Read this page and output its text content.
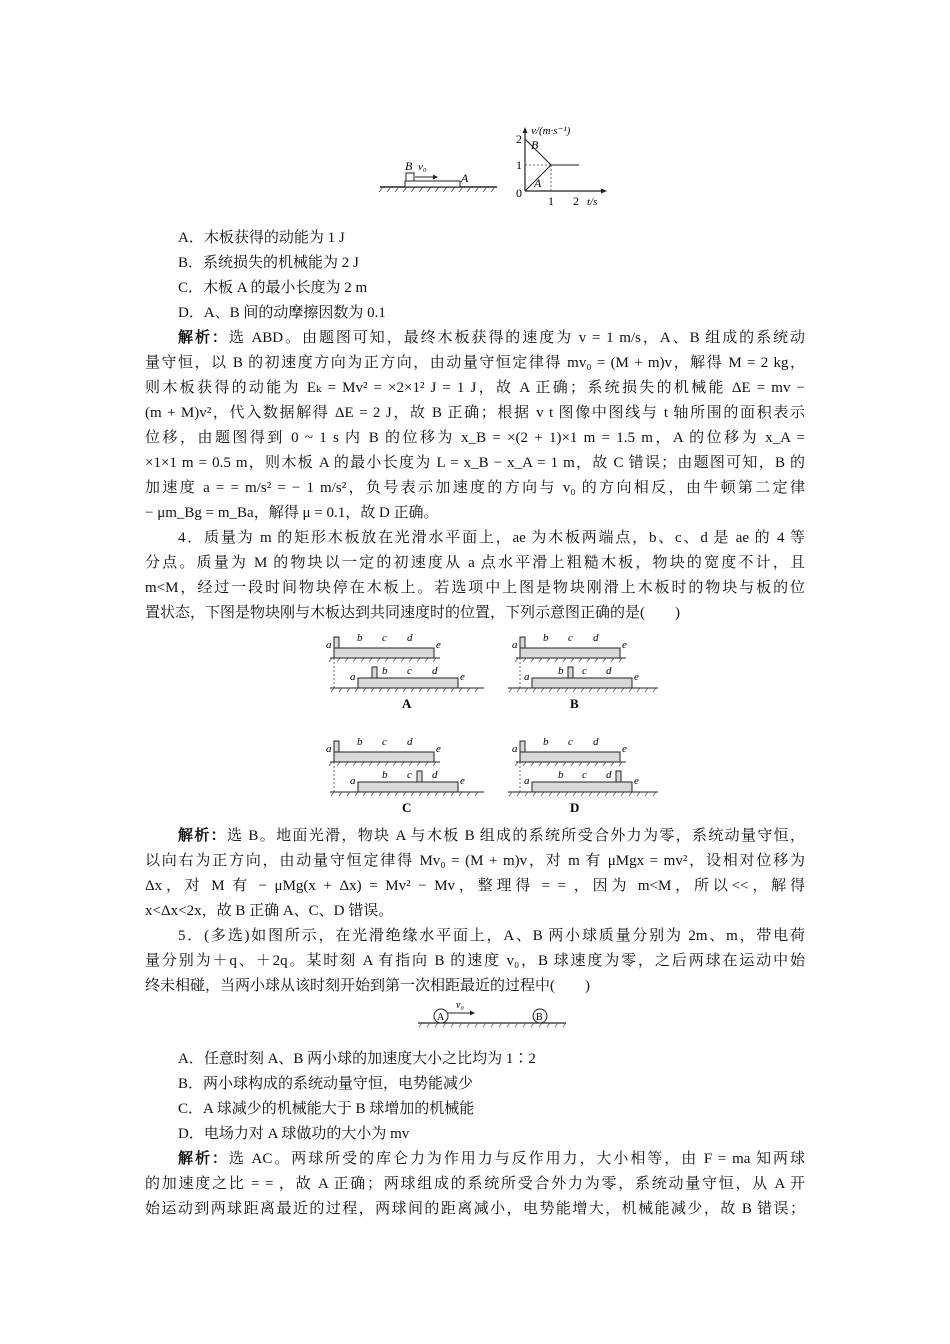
B v₀
A
v/(m·s⁻¹)
t/s
2
1
0
1 2
B
A
A．木板获得的动能为 1 J
B．系统损失的机械能为 2 J
C．木板 A 的最小长度为 2 m
D．A、B 间的动摩擦因数为 0.1
解析：选 ABD。由题图可知，最终木板获得的速度为 v = 1 m/s，A、B 组成的系统动
量守恒，以 B 的初速度方向为正方向，由动量守恒定律得 mv₀ = (M + m)v，解得 M = 2 kg，
则木板获得的动能为 Eₖ = Mv² = ×2×1² J = 1 J，故 A 正确；系统损失的机械能 ΔE = mv −
(m + M)v²，代入数据解得 ΔE = 2 J，故 B 正确；根据 v t 图像中图线与 t 轴所围的面积表示
位移，由题图得到 0 ~ 1 s 内 B 的位移为 x_B = ×(2 + 1)×1 m = 1.5 m，A 的位移为 x_A =
×1×1 m = 0.5 m，则木板 A 的最小长度为 L = x_B − x_A = 1 m，故 C 错误；由题图可知，B 的
加速度 a = = m/s² = − 1 m/s²，负号表示加速度的方向与 v₀ 的方向相反，由牛顿第二定律
− μm_Bg = m_Ba，解得 μ = 0.1，故 D 正确。
4．质量为 m 的矩形木板放在光滑水平面上，ae 为木板两端点，b、c、d 是 ae 的 4 等
分点。质量为 M 的物块以一定的初速度从 a 点水平滑上粗糙木板，物块的宽度不计，且
m<M，经过一段时间物块停在木板上。若选项中上图是物块刚滑上木板时的物块与板的位
置状态，下图是物块刚与木板达到共同速度时的位置，下列示意图正确的是(　　)
a
b c d
e
a b c d e
A
a
b c d
e
a	b c d e
B
a
b c d
e
a b c d e
C
a
b c d
e
a	b c d e
D
解析：选 B。地面光滑，物块 A 与木板 B 组成的系统所受合外力为零，系统动量守恒，
以向右为正方向，由动量守恒定律得 Mv₀ = (M + m)v，对 m 有 μMgx = mv²，设相对位移为
Δx，对 M 有 − μMg(x + Δx) = Mv² − Mv，整理得 = = ，因为 m<M，所以<<，解得
x<Δx<2x，故 B 正确 A、C、D 错误。
5．(多选)如图所示，在光滑绝缘水平面上，A、B 两小球质量分别为 2m、m，带电荷
量分别为＋q、＋2q。某时刻 A 有指向 B 的速度 v₀，B 球速度为零，之后两球在运动中始
终未相碰，当两小球从该时刻开始到第一次相距最近的过程中(　　)
A
v₀
B
A．任意时刻 A、B 两小球的加速度大小之比均为 1∶2
B．两小球构成的系统动量守恒，电势能减少
C．A 球减少的机械能大于 B 球增加的机械能
D．电场力对 A 球做功的大小为 mv
解析：选 AC。两球所受的库仑力为作用力与反作用力，大小相等，由 F = ma 知两球
的加速度之比 = = ，故 A 正确；两球组成的系统所受合外力为零，系统动量守恒，从 A 开
始运动到两球距离最近的过程，两球间的距离减小，电势能增大，机械能减少，故 B 错误；
